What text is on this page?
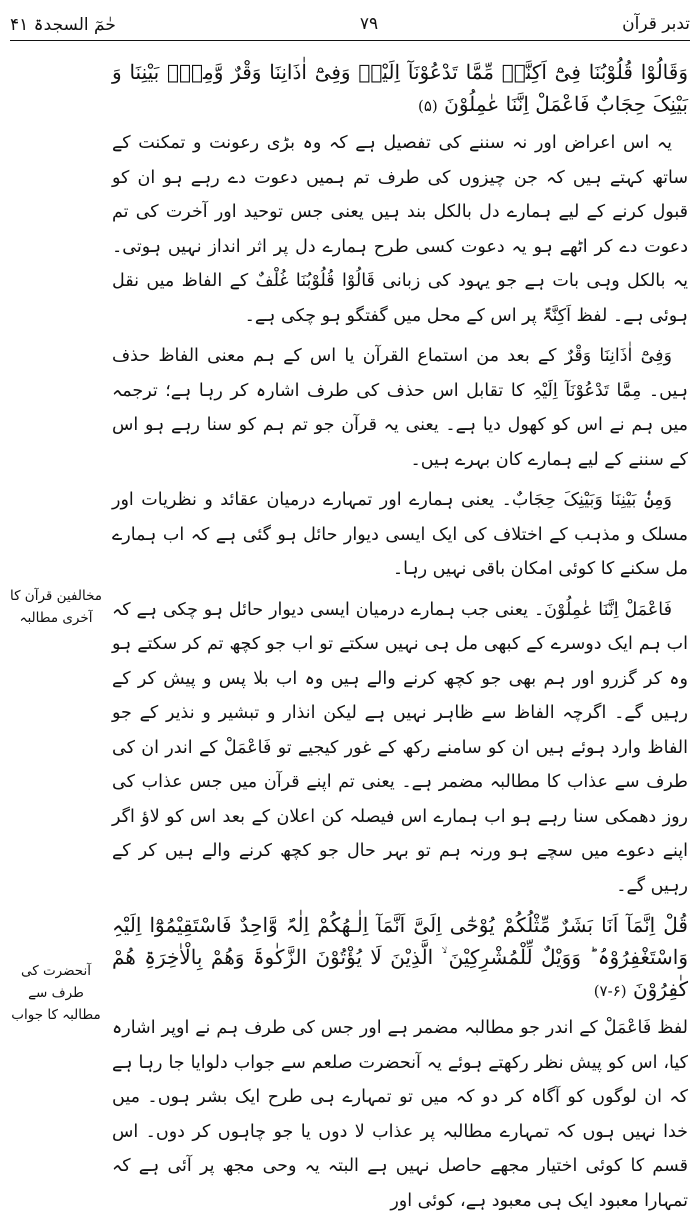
تدبر قرآن
۷۹
حٰمٓ السجدۃ ۴۱
وَقَالُوْا قُلُوْبُنَا فِیْٓ اَکِنَّۃٍ مِّمَّا تَدْعُوْنَآ اِلَیْہِ وَفِیْٓ اٰذَانِنَا وَقْرٌ وَّمِنْۢ بَیْنِنَا وَ بَیْنِکَ حِجَابٌ فَاعْمَلْ اِنَّنَا عٰمِلُوْنَ (۵)

یہ اس اعراض اور نہ سننے کی تفصیل ہے کہ وہ بڑی رعونت و تمکنت کے ساتھ کہتے ہیں کہ جن چیزوں کی طرف تم ہمیں دعوت دے رہے ہو ان کو قبول کرنے کے لیے ہمارے دل بالکل بند ہیں یعنی جس توحید اور آخرت کی تم دعوت دے کر اٹھے ہو یہ دعوت کسی طرح ہمارے دل پر اثر انداز نہیں ہوتی۔ یہ بالکل وہی بات ہے جو یہود کی زبانی قَالُوْا قُلُوْبُنَا غُلْفٌ کے الفاظ میں نقل ہوئی ہے۔ لفظ اَکِنَّۃٌ پر اس کے محل میں گفتگو ہو چکی ہے۔

وَفِیْٓ اٰذَانِنَا وَقْرٌ کے بعد من استماع القرآن یا اس کے ہم معنی الفاظ حذف ہیں۔ مِمَّا تَدْعُوْنَآ اِلَیْہِ کا تقابل اس حذف کی طرف اشارہ کر رہا ہے؛ ترجمہ میں ہم نے اس کو کھول دیا ہے۔ یعنی یہ قرآن جو تم ہم کو سنا رہے ہو اس کے سننے کے لیے ہمارے کان بہرے ہیں۔

وَمِنْۢ بَیْنِنَا وَبَیْنِکَ حِجَابٌ۔ یعنی ہمارے اور تمہارے درمیان عقائد و نظریات اور مسلک و مذہب کے اختلاف کی ایک ایسی دیوار حائل ہو گئی ہے کہ اب ہمارے مل سکنے کا کوئی امکان باقی نہیں رہا۔

فَاعْمَلْ اِنَّنَا عٰمِلُوْنَ۔ یعنی جب ہمارے درمیان ایسی دیوار حائل ہو چکی ہے کہ اب ہم ایک دوسرے کے کبھی مل ہی نہیں سکتے تو اب جو کچھ تم کر سکتے ہو وہ کر گزرو اور ہم بھی جو کچھ کرنے والے ہیں وہ اب بلا پس و پیش کر کے رہیں گے۔ اگرچہ الفاظ سے ظاہر نہیں ہے لیکن انذار و تبشیر و نذیر کے جو الفاظ وارد ہوئے ہیں ان کو سامنے رکھ کے غور کیجیے تو فَاعْمَلْ کے اندر ان کی طرف سے عذاب کا مطالبہ مضمر ہے۔ یعنی تم اپنے قرآن میں جس عذاب کی روز دھمکی سنا رہے ہو اب ہمارے اس فیصلہ کن اعلان کے بعد اس کو لاؤ اگر اپنے دعوے میں سچے ہو ورنہ ہم تو بہر حال جو کچھ کرنے والے ہیں کر کے رہیں گے۔

قُلْ اِنَّمَآ اَنَا بَشَرٌ مِّثْلُکُمْ یُوْحٰٓی اِلَیَّ اَنَّمَآ اِلٰـھُکُمْ اِلٰہٌ وَّاحِدٌ فَاسْتَقِیْمُوْٓا اِلَیْہِ وَاسْتَغْفِرُوْہُ ؕ وَوَیْلٌ لِّلْمُشْرِکِیْنَ ۙ الَّذِیْنَ لَا یُؤْتُوْنَ الزَّکٰوۃَ وَھُمْ بِالْاٰخِرَۃِ ھُمْ کٰفِرُوْنَ (۶-۷)

لفظ فَاعْمَلْ کے اندر جو مطالبہ مضمر ہے اور جس کی طرف ہم نے اوپر اشارہ کیا، اس کو پیش نظر رکھتے ہوئے یہ آنحضرت صلعم سے جواب دلوایا جا رہا ہے کہ ان لوگوں کو آگاہ کر دو کہ میں تو تمہارے ہی طرح ایک بشر ہوں۔ میں خدا نہیں ہوں کہ تمہارے مطالبہ پر عذاب لا دوں یا جو چاہوں کر دوں۔ اس قسم کا کوئی اختیار مجھے حاصل نہیں ہے البتہ یہ وحی مجھ پر آئی ہے کہ تمہارا معبود ایک ہی معبود ہے، کوئی اور

مخالفین قرآن کا آخری مطالبہ

آنحضرت کی طرف سے مطالبہ کا جواب
